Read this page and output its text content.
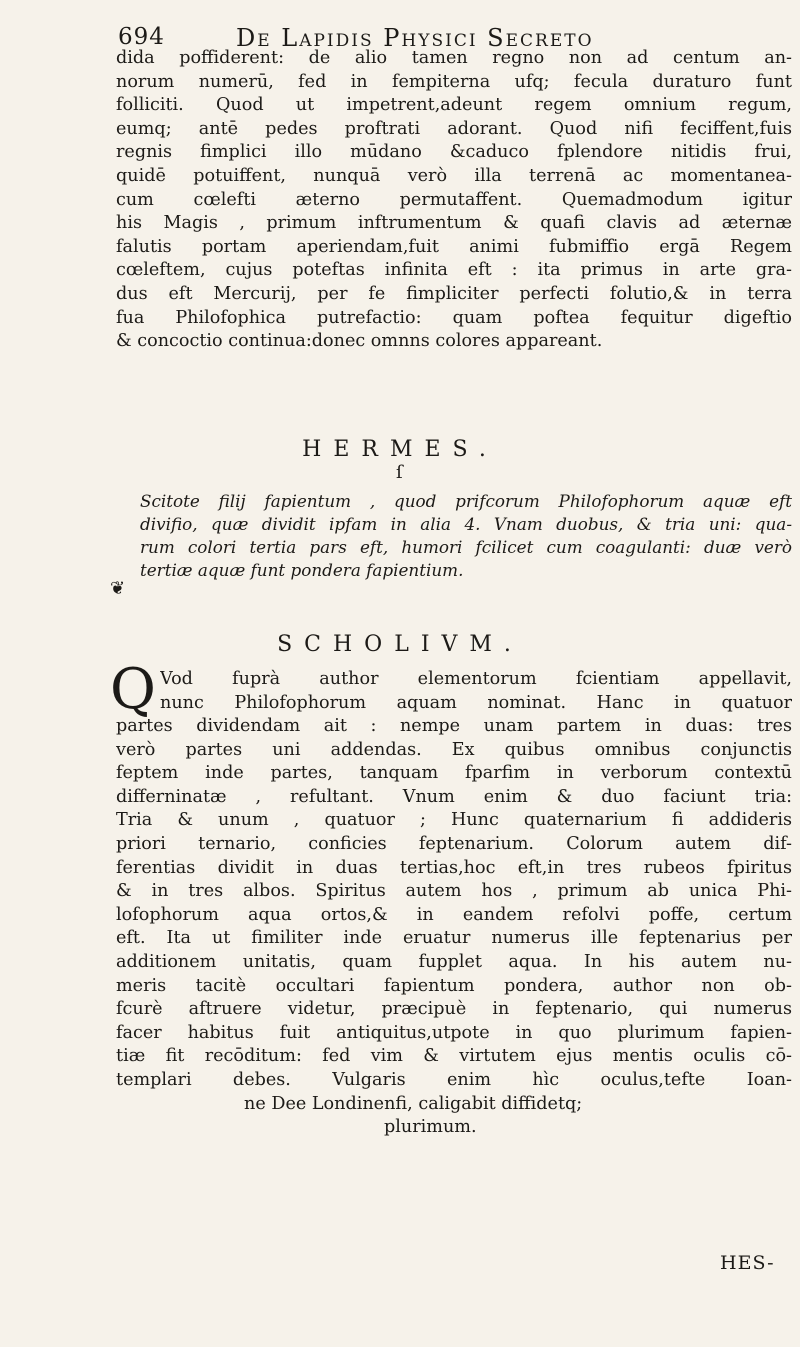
694	De Lapidis Physici Secreto
dida poffiderent: de alio tamen regno non ad centum an-
norum numerū, fed in fempiterna ufq; fecula duraturo funt
folliciti. Quod ut impetrent,adeunt regem omnium regum,
eumq; antē pedes proftrati adorant. Quod nifi feciffent,fuis
regnis fimplici illo mūdano &caduco fplendore nitidis frui,
quidē potuiffent, nunquā verò illa terrenā ac momentanea-
cum cœlefti æterno permutaffent. Quemadmodum igitur
his Magis , primum inftrumentum & quafi clavis ad æternæ
falutis portam aperiendam,fuit animi fubmiffio ergā Regem
cœleftem, cujus poteftas infinita eft : ita primus in arte gra-
dus eft Mercurij, per fe fimpliciter perfecti folutio,& in terra
fua Philofophica putrefactio: quam poftea fequitur digeftio
& concoctio continua:donec omnns colores appareant.
HERMES.
ſ
❦
Scitote filij fapientum , quod prifcorum Philofophorum aquæ eft
divifio, quæ dividit ipfam in alia 4. Vnam duobus, & tria uni: qua-
rum colori tertia pars eft, humori fcilicet cum coagulanti: duæ verò
tertiæ aquæ funt pondera fapientium.
SCHOLIVM.
Q Vod fuprà author elementorum fcientiam appellavit,
nunc Philofophorum aquam nominat. Hanc in quatuor
partes dividendam ait : nempe unam partem in duas: tres
verò partes uni addendas. Ex quibus omnibus conjunctis
feptem inde partes, tanquam fparfim in verborum contextū
differninatæ , refultant. Vnum enim & duo faciunt tria:
Tria & unum , quatuor ; Hunc quaternarium fi addideris
priori ternario, conficies feptenarium. Colorum autem dif-
ferentias dividit in duas tertias,hoc eft,in tres rubeos fpiritus
& in tres albos. Spiritus autem hos , primum ab unica Phi-
lofophorum aqua ortos,& in eandem refolvi poffe, certum
eft. Ita ut fimiliter inde eruatur numerus ille feptenarius per
additionem unitatis, quam fupplet aqua. In his autem nu-
meris tacitè occultari fapientum pondera, author non ob-
fcurè aftruere videtur, præcipuè in feptenario, qui numerus
facer habitus fuit antiquitus,utpote in quo plurimum fapien-
tiæ fit recōditum: fed vim & virtutem ejus mentis oculis cō-
templari debes. Vulgaris enim hìc oculus,tefte Ioan-
ne Dee Londinenfi, caligabit diffidetq;
plurimum.
HES-
